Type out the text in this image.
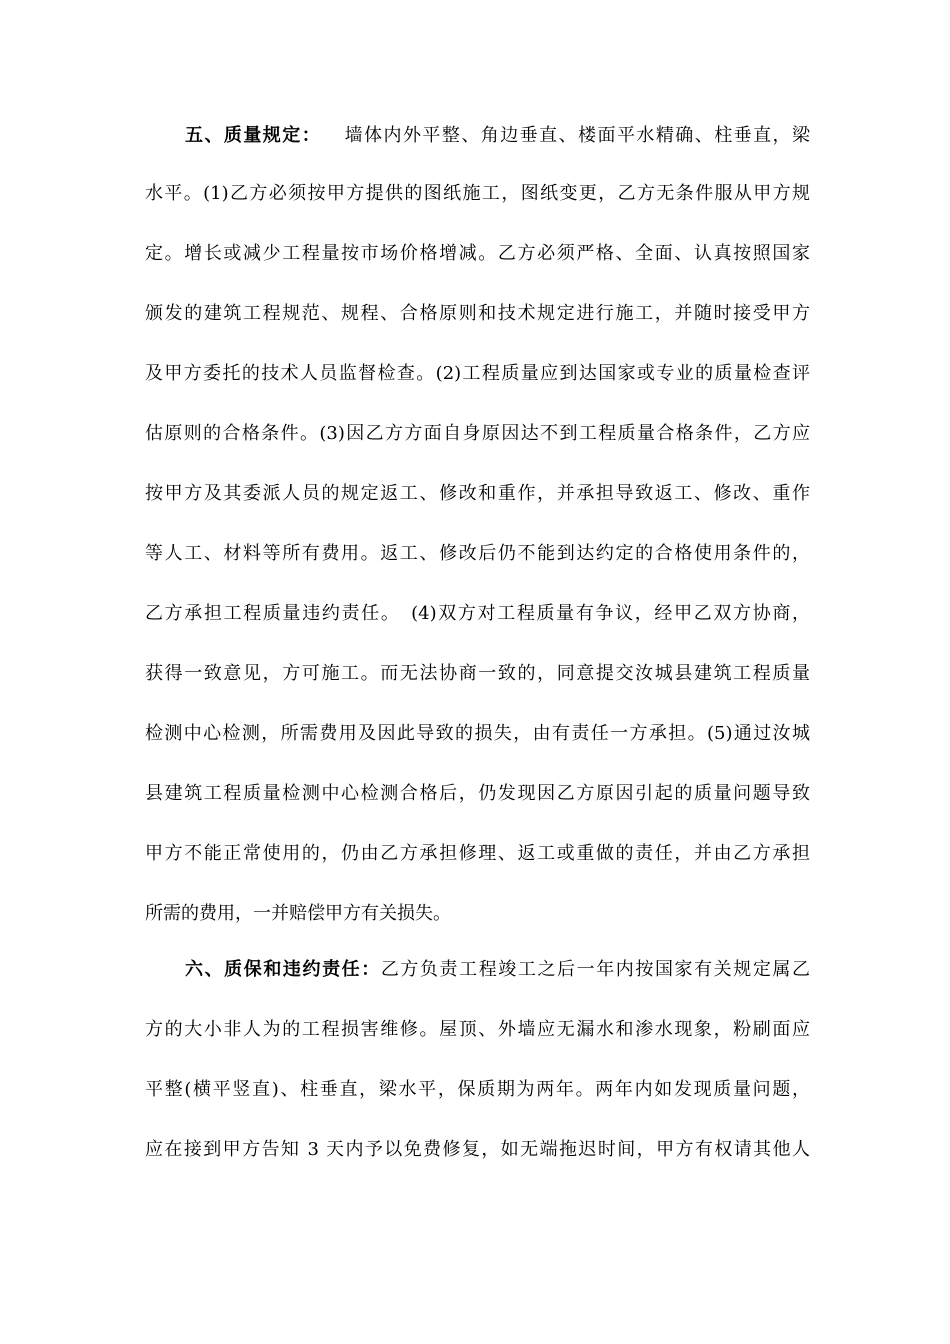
五、质量规定： 墙体内外平整、角边垂直、楼面平水精确、柱垂直，梁
水平。(1)乙方必须按甲方提供的图纸施工，图纸变更，乙方无条件服从甲方规
定。增长或减少工程量按市场价格增减。乙方必须严格、全面、认真按照国家
颁发的建筑工程规范、规程、合格原则和技术规定进行施工，并随时接受甲方
及甲方委托的技术人员监督检查。(2)工程质量应到达国家或专业的质量检查评
估原则的合格条件。(3)因乙方方面自身原因达不到工程质量合格条件，乙方应
按甲方及其委派人员的规定返工、修改和重作，并承担导致返工、修改、重作
等人工、材料等所有费用。返工、修改后仍不能到达约定的合格使用条件的，
乙方承担工程质量违约责任。　(4)双方对工程质量有争议，经甲乙双方协商，
获得一致意见，方可施工。而无法协商一致的，同意提交汝城县建筑工程质量
检测中心检测，所需费用及因此导致的损失，由有责任一方承担。(5)通过汝城
县建筑工程质量检测中心检测合格后，仍发现因乙方原因引起的质量问题导致
甲方不能正常使用的，仍由乙方承担修理、返工或重做的责任，并由乙方承担
所需的费用，一并赔偿甲方有关损失。
六、质保和违约责任：乙方负责工程竣工之后一年内按国家有关规定属乙
方的大小非人为的工程损害维修。屋顶、外墙应无漏水和渗水现象，粉刷面应
平整(横平竖直)、柱垂直，梁水平，保质期为两年。两年内如发现质量问题，
应在接到甲方告知 3 天内予以免费修复，如无端拖迟时间，甲方有权请其他人
